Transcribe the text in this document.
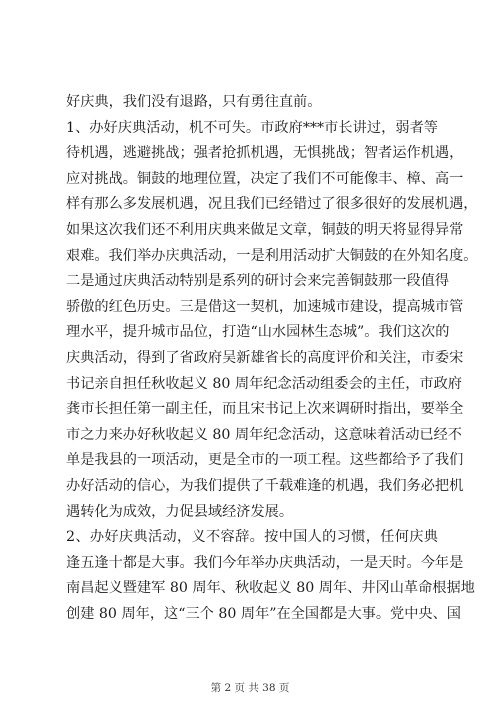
好庆典，我们没有退路，只有勇往直前。
1、办好庆典活动，机不可失。市政府***市长讲过，弱者等
待机遇，逃避挑战；强者抢抓机遇，无惧挑战；智者运作机遇，
应对挑战。铜鼓的地理位置，决定了我们不可能像丰、樟、高一
样有那么多发展机遇，况且我们已经错过了很多很好的发展机遇，
如果这次我们还不利用庆典来做足文章，铜鼓的明天将显得异常
艰难。我们举办庆典活动，一是利用活动扩大铜鼓的在外知名度。
二是通过庆典活动特别是系列的研讨会来完善铜鼓那一段值得
骄傲的红色历史。三是借这一契机，加速城市建设，提高城市管
理水平，提升城市品位，打造“山水园林生态城”。我们这次的
庆典活动，得到了省政府吴新雄省长的高度评价和关注，市委宋
书记亲自担任秋收起义 80 周年纪念活动组委会的主任，市政府
龚市长担任第一副主任，而且宋书记上次来调研时指出，要举全
市之力来办好秋收起义 80 周年纪念活动，这意味着活动已经不
单是我县的一项活动，更是全市的一项工程。这些都给予了我们
办好活动的信心，为我们提供了千载难逢的机遇，我们务必把机
遇转化为成效，力促县域经济发展。
2、办好庆典活动，义不容辞。按中国人的习惯，任何庆典
逢五逢十都是大事。我们今年举办庆典活动，一是天时。今年是
南昌起义暨建军 80 周年、秋收起义 80 周年、井冈山革命根据地
创建 80 周年，这“三个 80 周年”在全国都是大事。党中央、国
第 2 页 共 38 页
